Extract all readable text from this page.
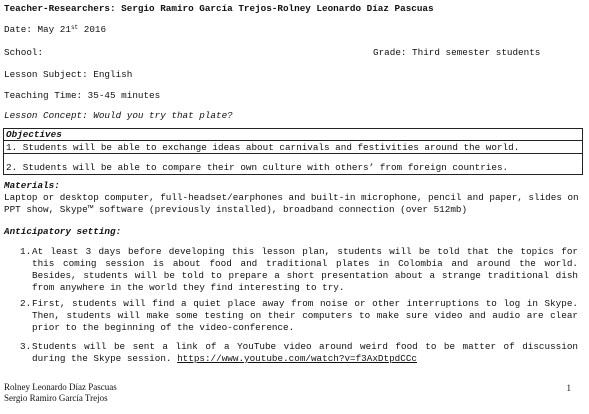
Teacher-Researchers: Sergio Ramiro García Trejos-Rolney Leonardo Díaz Pascuas
Date: May 21st 2016
School:	Grade: Third semester students
Lesson Subject: English
Teaching Time: 35-45 minutes
Lesson Concept: Would you try that plate?
Objectives
1. Students will be able to exchange ideas about carnivals and festivities around the world.
2. Students will be able to compare their own culture with others’ from foreign countries.
Materials:
Laptop or desktop computer, full-headset/earphones and built-in microphone, pencil and paper, slides on PPT show, Skype™ software (previously installed), broadband connection (over 512mb)
Anticipatory setting:
1. At least 3 days before developing this lesson plan, students will be told that the topics for this coming session is about food and traditional plates in Colombia and around the world. Besides, students will be told to prepare a short presentation about a strange traditional dish from anywhere in the world they find interesting to try.
2. First, students will find a quiet place away from noise or other interruptions to log in Skype. Then, students will make some testing on their computers to make sure video and audio are clear prior to the beginning of the video-conference.
3. Students will be sent a link of a YouTube video around weird food to be matter of discussion during the Skype session. https://www.youtube.com/watch?v=f3AxDtpdCCc
Rolney Leonardo Díaz Pascuas
Sergio Ramiro García Trejos
1
